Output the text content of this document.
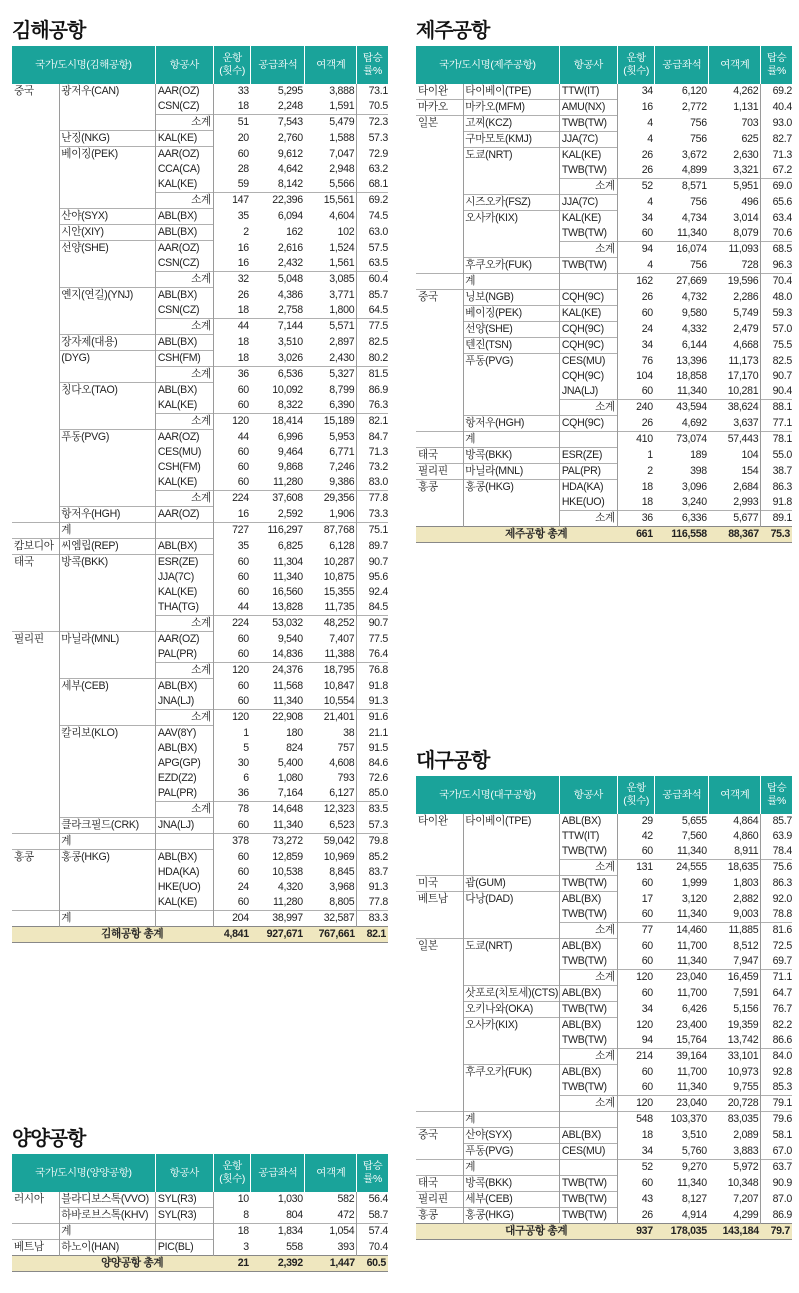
김해공항
국가/도시명(김해공항)		항공사	운항
(횟수)	공급좌석	여객계	탑승
률%
중국	광저우(CAN)	AAR(OZ)	33	5,295	3,888	73.1
		CSN(CZ)	18	2,248	1,591	70.5
		소계	51	7,543	5,479	72.3
	난징(NKG)	KAL(KE)	20	2,760	1,588	57.3
	베이징(PEK)	AAR(OZ)	60	9,612	7,047	72.9
		CCA(CA)	28	4,642	2,948	63.2
		KAL(KE)	59	8,142	5,566	68.1
		소계	147	22,396	15,561	69.2
	산야(SYX)	ABL(BX)	35	6,094	4,604	74.5
	시안(XIY)	ABL(BX)	2	162	102	63.0
	선양(SHE)	AAR(OZ)	16	2,616	1,524	57.5
		CSN(CZ)	16	2,432	1,561	63.5
		소계	32	5,048	3,085	60.4
	옌지(연길)(YNJ)	ABL(BX)	26	4,386	3,771	85.7
		CSN(CZ)	18	2,758	1,800	64.5
		소계	44	7,144	5,571	77.5
	장자제(대용)	ABL(BX)	18	3,510	2,897	82.5
	(DYG)	CSH(FM)	18	3,026	2,430	80.2
		소계	36	6,536	5,327	81.5
	칭다오(TAO)	ABL(BX)	60	10,092	8,799	86.9
		KAL(KE)	60	8,322	6,390	76.3
		소계	120	18,414	15,189	82.1
	푸동(PVG)	AAR(OZ)	44	6,996	5,953	84.7
		CES(MU)	60	9,464	6,771	71.3
		CSH(FM)	60	9,868	7,246	73.2
		KAL(KE)	60	11,280	9,386	83.0
		소계	224	37,608	29,356	77.8
	항저우(HGH)	AAR(OZ)	16	2,592	1,906	73.3
	계		727	116,297	87,768	75.1
캄보디아	씨엠립(REP)	ABL(BX)	35	6,825	6,128	89.7
태국	방콕(BKK)	ESR(ZE)	60	11,304	10,287	90.7
		JJA(7C)	60	11,340	10,875	95.6
		KAL(KE)	60	16,560	15,355	92.4
		THA(TG)	44	13,828	11,735	84.5
		소계	224	53,032	48,252	90.7
필리핀	마닐라(MNL)	AAR(OZ)	60	9,540	7,407	77.5
		PAL(PR)	60	14,836	11,388	76.4
		소계	120	24,376	18,795	76.8
	세부(CEB)	ABL(BX)	60	11,568	10,847	91.8
		JNA(LJ)	60	11,340	10,554	91.3
		소계	120	22,908	21,401	91.6
	칼리보(KLO)	AAV(8Y)	1	180	38	21.1
		ABL(BX)	5	824	757	91.5
		APG(GP)	30	5,400	4,608	84.6
		EZD(Z2)	6	1,080	793	72.6
		PAL(PR)	36	7,164	6,127	85.0
		소계	78	14,648	12,323	83.5
	클라크필드(CRK)	JNA(LJ)	60	11,340	6,523	57.3
	계		378	73,272	59,042	79.8
홍콩	홍콩(HKG)	ABL(BX)	60	12,859	10,969	85.2
		HDA(KA)	60	10,538	8,845	83.7
		HKE(UO)	24	4,320	3,968	91.3
		KAL(KE)	60	11,280	8,805	77.8
	계		204	38,997	32,587	83.3
김해공항 총계			4,841	927,671	767,661	82.1
제주공항
국가/도시명(제주공항)		항공사	운항
(횟수)	공급좌석	여객계	탑승
률%
타이완	타이베이(TPE)	TTW(IT)	34	6,120	4,262	69.2
마카오	마카오(MFM)	AMU(NX)	16	2,772	1,131	40.4
일본	고찌(KCZ)	TWB(TW)	4	756	703	93.0
	구마모토(KMJ)	JJA(7C)	4	756	625	82.7
	도쿄(NRT)	KAL(KE)	26	3,672	2,630	71.3
		TWB(TW)	26	4,899	3,321	67.2
		소계	52	8,571	5,951	69.0
	시즈오카(FSZ)	JJA(7C)	4	756	496	65.6
	오사카(KIX)	KAL(KE)	34	4,734	3,014	63.4
		TWB(TW)	60	11,340	8,079	70.6
		소계	94	16,074	11,093	68.5
	후쿠오카(FUK)	TWB(TW)	4	756	728	96.3
	계		162	27,669	19,596	70.4
중국	닝보(NGB)	CQH(9C)	26	4,732	2,286	48.0
	베이징(PEK)	KAL(KE)	60	9,580	5,749	59.3
	선양(SHE)	CQH(9C)	24	4,332	2,479	57.0
	텐진(TSN)	CQH(9C)	34	6,144	4,668	75.5
	푸동(PVG)	CES(MU)	76	13,396	11,173	82.5
		CQH(9C)	104	18,858	17,170	90.7
		JNA(LJ)	60	11,340	10,281	90.4
		소계	240	43,594	38,624	88.1
	항저우(HGH)	CQH(9C)	26	4,692	3,637	77.1
	계		410	73,074	57,443	78.1
태국	방콕(BKK)	ESR(ZE)	1	189	104	55.0
필리핀	마닐라(MNL)	PAL(PR)	2	398	154	38.7
홍콩	홍콩(HKG)	HDA(KA)	18	3,096	2,684	86.3
		HKE(UO)	18	3,240	2,993	91.8
		소계	36	6,336	5,677	89.1
제주공항 총계			661	116,558	88,367	75.3
양양공항
국가/도시명(양양공항)		항공사	운항
(횟수)	공급좌석	여객계	탑승
률%
러시아	블라디보스톡(VVO)	SYL(R3)	10	1,030	582	56.4
	하바로브스톡(KHV)	SYL(R3)	8	804	472	58.7
	계		18	1,834	1,054	57.4
베트남	하노이(HAN)	PIC(BL)	3	558	393	70.4
양양공항 총계			21	2,392	1,447	60.5
대구공항
국가/도시명(대구공항)		항공사	운항
(횟수)	공급좌석	여객계	탑승
률%
타이완	타이베이(TPE)	ABL(BX)	29	5,655	4,864	85.7
		TTW(IT)	42	7,560	4,860	63.9
		TWB(TW)	60	11,340	8,911	78.4
		소계	131	24,555	18,635	75.6
미국	괌(GUM)	TWB(TW)	60	1,999	1,803	86.3
베트남	다낭(DAD)	ABL(BX)	17	3,120	2,882	92.0
		TWB(TW)	60	11,340	9,003	78.8
		소계	77	14,460	11,885	81.6
일본	도쿄(NRT)	ABL(BX)	60	11,700	8,512	72.5
		TWB(TW)	60	11,340	7,947	69.7
		소계	120	23,040	16,459	71.1
	삿포로(치토세)(CTS)	ABL(BX)	60	11,700	7,591	64.7
	오키나와(OKA)	TWB(TW)	34	6,426	5,156	76.7
	오사카(KIX)	ABL(BX)	120	23,400	19,359	82.2
		TWB(TW)	94	15,764	13,742	86.6
		소계	214	39,164	33,101	84.0
	후쿠오카(FUK)	ABL(BX)	60	11,700	10,973	92.8
		TWB(TW)	60	11,340	9,755	85.3
		소계	120	23,040	20,728	79.1
	계		548	103,370	83,035	79.6
중국	산야(SYX)	ABL(BX)	18	3,510	2,089	58.1
	푸동(PVG)	CES(MU)	34	5,760	3,883	67.0
	계		52	9,270	5,972	63.7
태국	방콕(BKK)	TWB(TW)	60	11,340	10,348	90.9
필리핀	세부(CEB)	TWB(TW)	43	8,127	7,207	87.0
홍콩	홍콩(HKG)	TWB(TW)	26	4,914	4,299	86.9
대구공항 총계			937	178,035	143,184	79.7
